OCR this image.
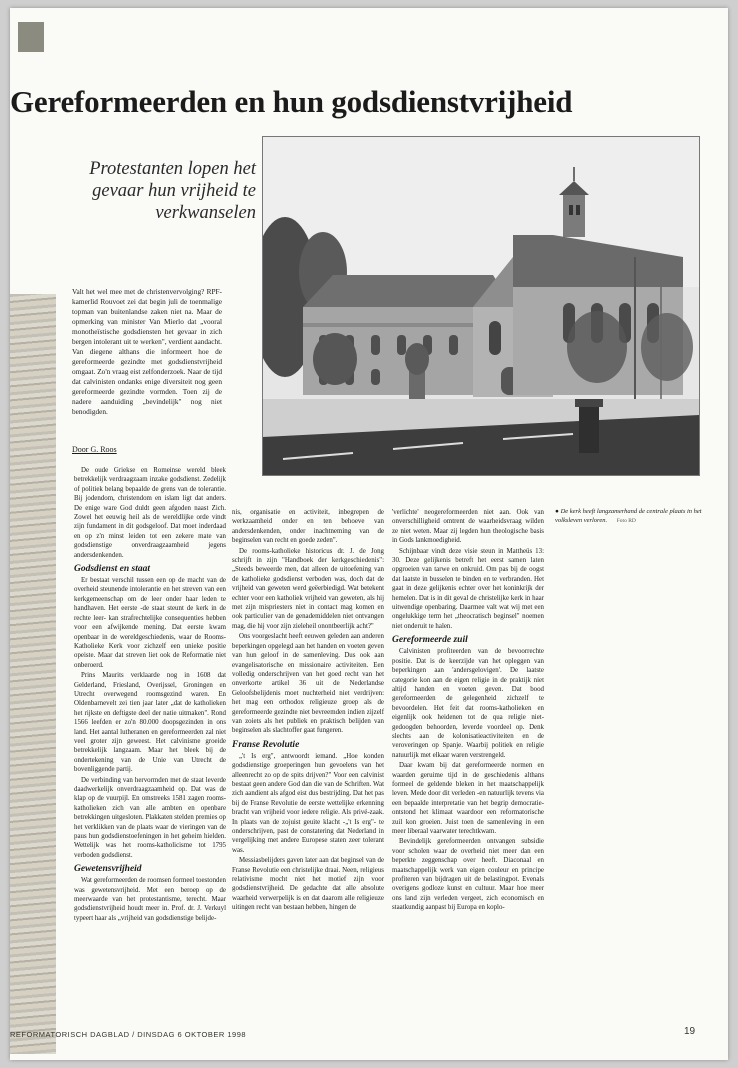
Gereformeerden en hun godsdienstvrijheid
Protestanten lopen het gevaar hun vrijheid te verkwanselen
Valt het wel mee met de christenvervolging? RPF-kamerlid Rouvoet zei dat begin juli de toenmalige topman van buitenlandse zaken niet na. Maar de opmerking van minister Van Mierlo dat „vooral monotheïstische godsdiensten het gevaar in zich bergen intolerant uit te werken", verdient aandacht. Van diegene althans die informeert hoe de gereformeerde gezindte met godsdienstvrijheid omgaat. Zo'n vraag eist zelfonderzoek. Naar de tijd dat calvinisten ondanks enige diversiteit nog geen gereformeerde gezindte vormden. Toen zij de nadere aanduiding „bevindelijk" nog niet benodigden.
Door G. Roos

De oude Griekse en Romeinse wereld bleek betrekkelijk verdraagzaam inzake godsdienst. Zedelijk of politiek belang bepaalde de grens van de tolerantie. Bij jodendom, christendom en islam ligt dat anders. De enige ware God duldt geen afgoden naast Zich. Zowel het eeuwig heil als de wereldlijke orde vindt zijn fundament in dit godsgeloof. Dat moet inderdaad en op z'n minst leiden tot een zekere mate van godsdienstige onverdraagzaamheid jegens andersdenkenden.

Godsdienst en staat

Er bestaat verschil tussen een op de macht van de overheid steunende intolerantie en het streven van een kerkgemeenschap om de leer onder haar leden te handhaven. Het eerste -de staat steunt de kerk in de rechte leer- kan strafrechtelijke consequenties hebben voor een afwijkende mening. Dat eerste kwam openbaar in de wereldgeschiedenis, waar de Rooms-Katholieke Kerk voor zichzelf een unieke positie opeiste. Maar dat streven liet ook de Reformatie niet onberoerd.

Prins Maurits verklaarde nog in 1608 dat Gelderland, Friesland, Overijssel, Groningen en Utrecht overwegend roomsgezind waren. En Oldenbarnevelt zei tien jaar later „dat de katholieken het rijkste en deftigste deel der natie uitmaken". Rond 1566 leefden er zo'n 80.000 doopsgezinden in ons land. Het aantal lutheranen en gereformeerden zal niet veel groter zijn geweest. Het calvinisme groeide betrekkelijk langzaam. Maar het bleek bij de ondertekening van de Unie van Utrecht de bovenliggende partij.

De verbinding van hervormden met de staat leverde daadwerkelijk onverdraagzaamheid op. Dat was de klap op de vuurpijl. En omstreeks 1581 zagen rooms-katholieken zich van alle ambten en openbare betrekkingen uitgesloten. Plakkaten stelden premies op het verklikken van de plaats waar de vieringen van de paus hun godsdienstoefeningen in het geheim hielden. Wettelijk was het rooms-katholicisme tot 1795 verboden godsdienst.

Gewetensvrijheid

Wat gereformeerden de roomsen formeel toestonden was gewetensvrijheid. Met een beroep op de meerwaarde van het protestantisme, terecht. Maar godsdienstvrijheid houdt meer in. Prof. dr. J. Verkuyl typeert haar als „vrijheid van godsdienstige belijde-

nis, organisatie en activiteit, inbegrepen de werkzaamheid onder en ten behoeve van andersdenkenden, onder inachtneming van de beginselen van recht en goede zeden".

De rooms-katholieke historicus dr. J. de Jong schrijft in zijn "Handboek der kerkgeschiedenis": „Steeds beweerde men, dat alleen de uitoefening van de katholieke godsdienst verboden was, doch dat de vrijheid van geweten werd geëerbiedigd. Wat betekent echter voor een katholiek vrijheid van geweten, als hij met zijn mispriesters niet in contact mag komen en ook particulier van de genademiddelen niet ontvangen mag, die hij voor zijn zieleheil onontbeerlijk acht?"

Ons voorgeslacht heeft eeuwen geleden aan anderen beperkingen opgelegd aan het handen en voeten geven van hun geloof in de samenleving. Dus ook aan evangelisatorische en missionaire activiteiten. Een volledig onderschrijven van het goed recht van het onverkorte artikel 36 uit de Nederlandse Geloofsbelijdenis moet nuchterheid niet verdrijven: het mag een orthodox religieuze groep als de gereformeerde gezindte niet bevreemden indien zijzelf van zoiets als het publiek en praktisch belijden van beginselen als slachtoffer gaat fungeren.

Franse Revolutie

„'t Is erg", antwoordt iemand. „Hoe konden godsdienstige groeperingen hun gevoelens van het alleenrecht zo op de spits drijven?" Voor een calvinist bestaat geen andere God dan die van de Schriften. Wat zich aandient als afgod eist dus bestrijding. Dat het pas bij de Franse Revolutie de eerste wettelijke erkenning bracht van vrijheid voor iedere religie. Als privé-zaak. In plaats van de zojuist geuite klacht -„'t Is erg"- te onderschrijven, past de constatering dat Nederland in vergelijking met andere Europese staten zeer tolerant was.

Messiasbelijders gaven later aan dat beginsel van de Franse Revolutie een christelijke draai. Neen, religieus relativisme mocht niet het motief zijn voor godsdienstvrijheid. De gedachte dat alle absolute waarheid verwerpelijk is en dat daarom alle religieuze uitingen recht van bestaan hebben, hingen de

'verlichte' neogereformeerden niet aan. Ook van onverschilligheid omtrent de waarheidsvraag wilden ze niet weten. Maar zij legden hun theologische basis in Gods lankmoedigheid.

Schijnbaar vindt deze visie steun in Mattheüs 13: 30. Deze gelijkenis betreft het eerst samen laten opgroeien van tarwe en onkruid. Om pas bij de oogst dat laatste in busselen te binden en te verbranden. Het gaat in deze gelijkenis echter over het koninkrijk der hemelen. Dat is in dit geval de christelijke kerk in haar uitwendige openbaring. Daarmee valt wat wij met een ongelukkige term het „theocratisch beginsel" noemen niet onderuit te halen.

Gereformeerde zuil

Calvinisten profiteerden van de bevoorrechte positie. Dat is de keerzijde van het opleggen van beperkingen aan 'andersgelovigen'. De laatste categorie kon aan de eigen religie in de praktijk niet altijd handen en voeten geven. Dat bood gereformeerden de gelegenheid zichzelf te bevoordelen. Het feit dat rooms-katholieken en eigenlijk ook heidenen tot de qua religie niet-gedoogden behoorden, leverde voordeel op. Denk slechts aan de kolonisatieactiviteiten en de veroveringen op Spanje. Waarbij politiek en religie natuurlijk met elkaar waren verstrengeld.

Daar kwam bij dat gereformeerde normen en waarden geruime tijd in de geschiedenis althans formeel de geldende bleken in het maatschappelijk leven. Mede door dit verleden -en natuurlijk tevens via een bepaalde interpretatie van het begrip democratie- ontstond het klimaat waardoor een reformatorische zuil kon groeien. Juist toen de samenleving in een meer liberaal vaarwater terechtkwam.

Bevindelijk gereformeerden ontvangen subsidie voor scholen waar de overheid niet meer dan een beperkte zeggenschap over heeft. Diaconaal en maatschappelijk werk van eigen couleur en principe profiteren van bijdragen uit de belastingpot. Evenals overigens godloze kunst en cultuur. Maar hoe meer ons land zijn verleden vergeet, zich economisch en staatkundig aanpast bij Europa en koplo-

● De kerk heeft langzamerhand de centrale plaats in het volksleven verloren. Foto RD
REFORMATORISCH DAGBLAD / DINSDAG 6 OKTOBER 1998	19
